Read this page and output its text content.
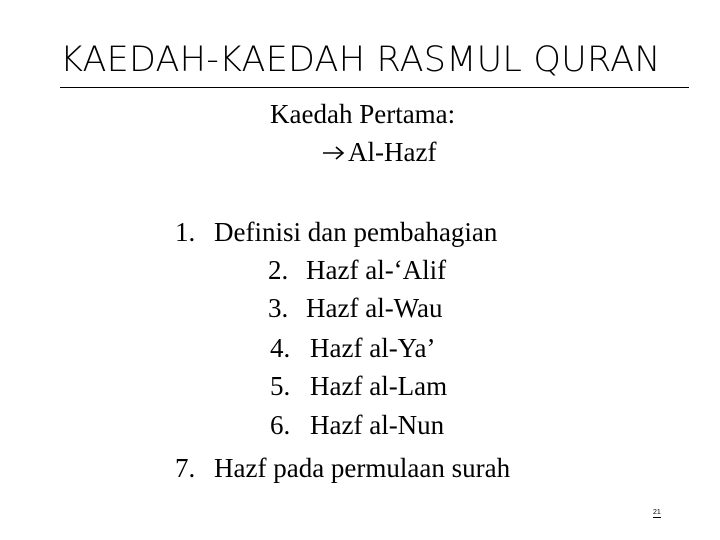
KAEDAH-KAEDAH RASMUL QURAN
Kaedah Pertama:
Al-Hazf
1. Definisi dan pembahagian
2. Hazf al-‘Alif
3. Hazf al-Wau
4. Hazf al-Ya’
5. Hazf al-Lam
6. Hazf al-Nun
7. Hazf pada permulaan surah
21
